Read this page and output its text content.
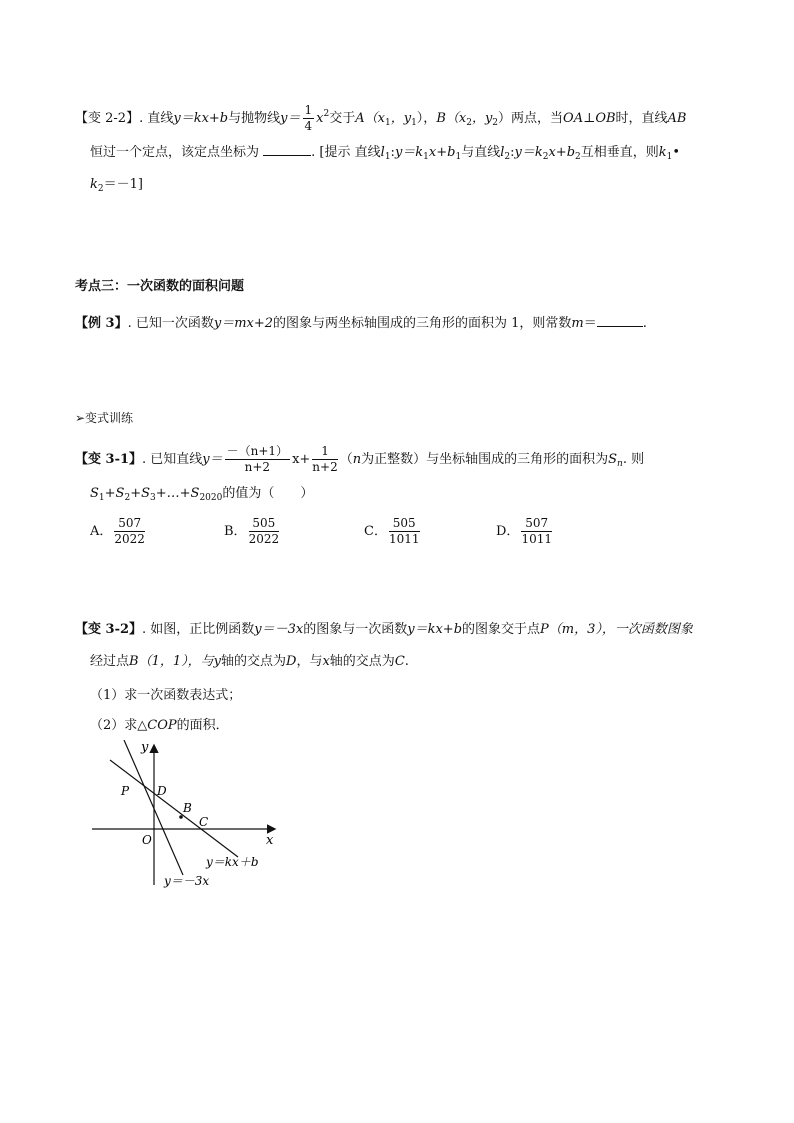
【变 2-2】. 直线y＝kx+b与抛物线$y= \frac{1}{4} x^2$交于$A(x_1$，$y_1$），$B(x_2$，$y_2$）两点，当OA⊥OB时，直线AB
恒过一个定点，该定点坐标为	. [提示 直线$l_1:y=k_1x+b_1$与直线$l_2:y=k_2x+b_2$互相垂直，则$k_1•$
$k_2=-1$]
考点三：一次函数的面积问题
【例 3】. 已知一次函数y＝mx+2的图象与两坐标轴围成的三角形的面积为 1，则常数m＝	.
➢变式训练
【变 3-1】. 已知直线$y= \frac{-(n+1)}{n+2} x+ \frac{1}{n+2} (n$为正整数）与坐标轴围成的三角形的面积为$S_n$. 则
$S_1+S_2+S_3+\dots+S_{2020}$的值为（　　）
A． $\frac{507}{2022}$	B． $\frac{505}{2022}$	C． $\frac{505}{1011}$	D． $\frac{507}{1011}$
【变 3-2】. 如图，正比例函数y＝－3x的图象与一次函数y＝kx+b的图象交于点P（m，3），一次函数图象
经过点B（1，1），与y轴的交点为D，与x轴的交点为C.
（1）求一次函数表达式；
（2）求△COP的面积．
y
x
O
P D
B
C
y＝kx＋b
y＝－3x
